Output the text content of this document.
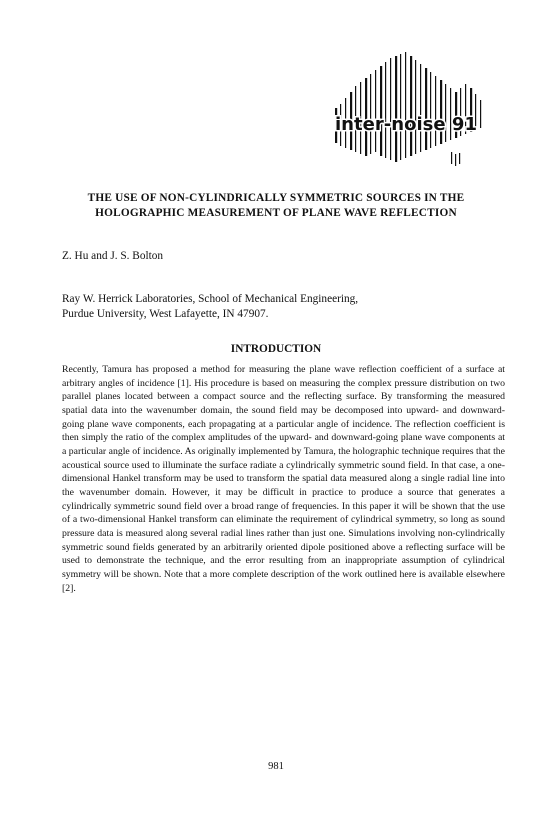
inter-noise 91
THE USE OF NON-CYLINDRICALLY SYMMETRIC SOURCES IN THE
HOLOGRAPHIC MEASUREMENT OF PLANE WAVE REFLECTION
Z. Hu and J. S. Bolton
Ray W. Herrick Laboratories, School of Mechanical Engineering,
Purdue University, West Lafayette, IN 47907.
INTRODUCTION
Recently, Tamura has proposed a method for measuring the plane wave reflection coefficient of a surface at arbitrary angles of incidence [1]. His procedure is based on measuring the complex pressure distribution on two parallel planes located between a compact source and the reflecting surface. By transforming the measured spatial data into the wavenumber domain, the sound field may be decomposed into upward- and downward-going plane wave components, each propagating at a particular angle of incidence. The reflection coefficient is then simply the ratio of the complex amplitudes of the upward- and downward-going plane wave components at a particular angle of incidence. As originally implemented by Tamura, the holographic technique requires that the acoustical source used to illuminate the surface radiate a cylindrically symmetric sound field. In that case, a one-dimensional Hankel transform may be used to transform the spatial data measured along a single radial line into the wavenumber domain. However, it may be difficult in practice to produce a source that generates a cylindrically symmetric sound field over a broad range of frequencies. In this paper it will be shown that the use of a two-dimensional Hankel transform can eliminate the requirement of cylindrical symmetry, so long as sound pressure data is measured along several radial lines rather than just one. Simulations involving non-cylindrically symmetric sound fields generated by an arbitrarily oriented dipole positioned above a reflecting surface will be used to demonstrate the technique, and the error resulting from an inappropriate assumption of cylindrical symmetry will be shown. Note that a more complete description of the work outlined here is available elsewhere [2].
981
